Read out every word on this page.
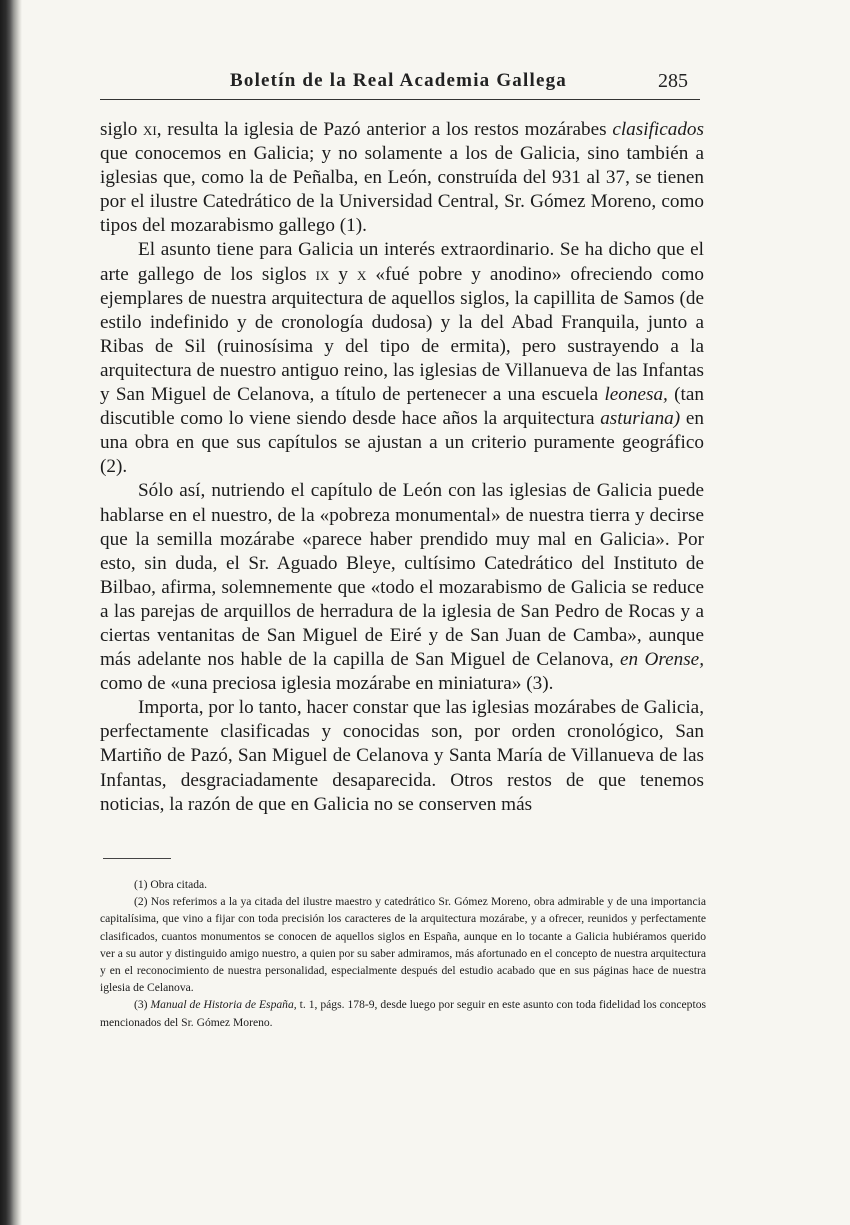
Boletín de la Real Academia Gallega	285

siglo xi, resulta la iglesia de Pazó anterior a los restos mozárabes clasificados que conocemos en Galicia; y no solamente a los de Galicia, sino también a iglesias que, como la de Peñalba, en León, construída del 931 al 37, se tienen por el ilustre Catedrático de la Universidad Central, Sr. Gómez Moreno, como tipos del mozarabismo gallego (1).

El asunto tiene para Galicia un interés extraordinario. Se ha dicho que el arte gallego de los siglos ix y x «fué pobre y anodino» ofreciendo como ejemplares de nuestra arquitectura de aquellos siglos, la capillita de Samos (de estilo indefinido y de cronología dudosa) y la del Abad Franquila, junto a Ribas de Sil (ruinosísima y del tipo de ermita), pero sustrayendo a la arquitectura de nuestro antiguo reino, las iglesias de Villanueva de las Infantas y San Miguel de Celanova, a título de pertenecer a una escuela leonesa, (tan discutible como lo viene siendo desde hace años la arquitectura asturiana) en una obra en que sus capítulos se ajustan a un criterio puramente geográfico (2).

Sólo así, nutriendo el capítulo de León con las iglesias de Galicia puede hablarse en el nuestro, de la «pobreza monumental» de nuestra tierra y decirse que la semilla mozárabe «parece haber prendido muy mal en Galicia». Por esto, sin duda, el Sr. Aguado Bleye, cultísimo Catedrático del Instituto de Bilbao, afirma, solemnemente que «todo el mozarabismo de Galicia se reduce a las parejas de arquillos de herradura de la iglesia de San Pedro de Rocas y a ciertas ventanitas de San Miguel de Eiré y de San Juan de Camba», aunque más adelante nos hable de la capilla de San Miguel de Celanova, en Orense, como de «una preciosa iglesia mozárabe en miniatura» (3).

Importa, por lo tanto, hacer constar que las iglesias mozárabes de Galicia, perfectamente clasificadas y conocidas son, por orden cronológico, San Martiño de Pazó, San Miguel de Celanova y Santa María de Villanueva de las Infantas, desgraciadamente desaparecida. Otros restos de que tenemos noticias, la razón de que en Galicia no se conserven más

(1) Obra citada.

(2) Nos referimos a la ya citada del ilustre maestro y catedrático Sr. Gómez Moreno, obra admirable y de una importancia capitalísima, que vino a fijar con toda precisión los caracteres de la arquitectura mozárabe, y a ofrecer, reunidos y perfectamente clasificados, cuantos monumentos se conocen de aquellos siglos en España, aunque en lo tocante a Galicia hubiéramos querido ver a su autor y distinguido amigo nuestro, a quien por su saber admiramos, más afortunado en el concepto de nuestra arquitectura y en el reconocimiento de nuestra personalidad, especialmente después del estudio acabado que en sus páginas hace de nuestra iglesia de Celanova.

(3) Manual de Historia de España, t. 1, págs. 178-9, desde luego por seguir en este asunto con toda fidelidad los conceptos mencionados del Sr. Gómez Moreno.
